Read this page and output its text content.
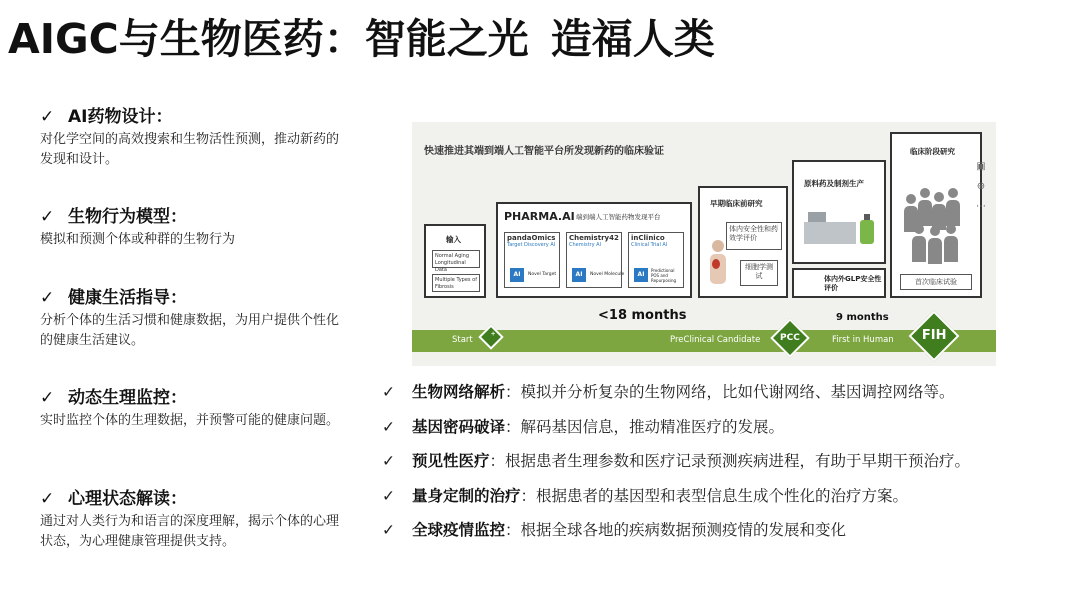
AIGC与生物医药：智能之光 造福人类
✓ AI药物设计：
对化学空间的高效搜索和生物活性预测，推动新药的发现和设计。
✓ 生物行为模型：
模拟和预测个体或种群的生物行为
✓ 健康生活指导：
分析个体的生活习惯和健康数据，为用户提供个性化的健康生活建议。
✓ 动态生理监控：
实时监控个体的生理数据，并预警可能的健康问题。
✓ 心理状态解读：
通过对人类行为和语言的深度理解，揭示个体的心理状态，为心理健康管理提供支持。
快速推进其端到端人工智能平台所发现新药的临床验证
输入
Normal Aging Longitudinal Data
Multiple Types of Fibrosis
PHARMA.AI 端到端人工智能药物发现平台
pandaOmics
Target Discovery AI
AI	Novel Target
Chemistry42
Chemistry AI
AI	Novel Molecule
inClinico
Clinical Trial AI
AI
Predictional POS and Repurposing
早期临床前研究
体内安全性和药效学评价
细胞学测试
原料药及制剂生产
体内外GLP安全性评价
临床阶段研究
首次临床试验
▣
⊕
⋯
<18 months	9 months
Start
+
PreClinical Candidate	PCC	First in Human	FIH
✓ 生物网络解析：模拟并分析复杂的生物网络，比如代谢网络、基因调控网络等。
✓ 基因密码破译：解码基因信息，推动精准医疗的发展。
✓ 预见性医疗：根据患者生理参数和医疗记录预测疾病进程，有助于早期干预治疗。
✓ 量身定制的治疗：根据患者的基因型和表型信息生成个性化的治疗方案。
✓ 全球疫情监控：根据全球各地的疾病数据预测疫情的发展和变化
